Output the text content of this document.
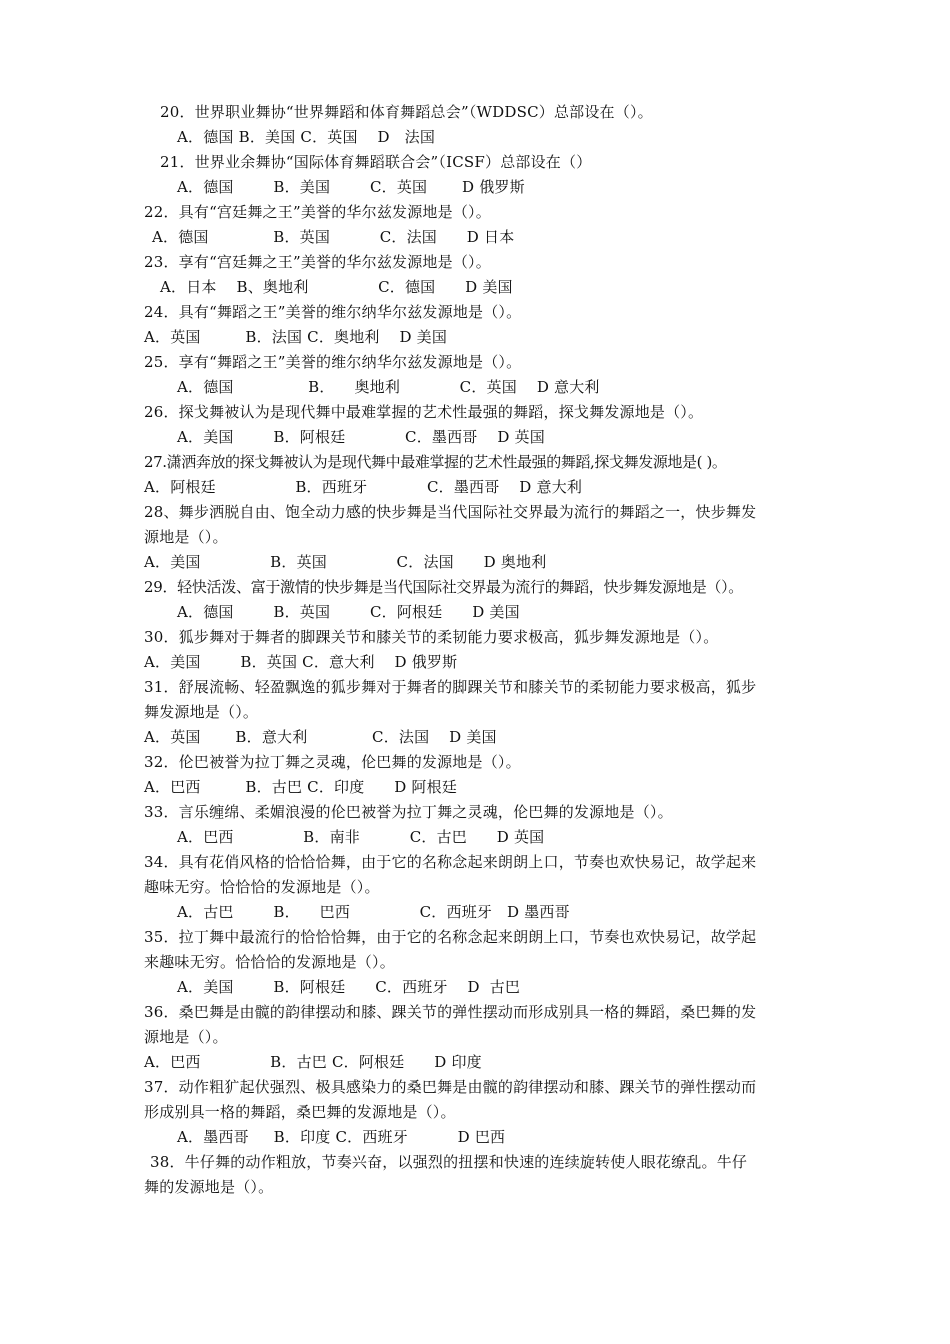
20．世界职业舞协“世界舞蹈和体育舞蹈总会”（WDDSC）总部设在（）。
A．德国 B．美国 C．英国    D   法国
21．世界业余舞协“国际体育舞蹈联合会”（ICSF）总部设在（）
A．德国        B．美国        C．英国       D 俄罗斯
22．具有“宫廷舞之王”美誉的华尔兹发源地是（）。
A．德国             B．英国          C．法国      D 日本
23．享有“宫廷舞之王”美誉的华尔兹发源地是（）。
A．日本    B、奥地利              C．德国      D 美国
24．具有“舞蹈之王”美誉的维尔纳华尔兹发源地是（）。
A．英国         B．法国 C．奥地利    D 美国
25．享有“舞蹈之王”美誉的维尔纳华尔兹发源地是（）。
A．德国               B．    奥地利            C．英国    D 意大利
26．探戈舞被认为是现代舞中最难掌握的艺术性最强的舞蹈，探戈舞发源地是（）。
A．美国        B．阿根廷            C．墨西哥    D 英国
27.潇洒奔放的探戈舞被认为是现代舞中最难掌握的艺术性最强的舞蹈,探戈舞发源地是( )。
A．阿根廷                B．西班牙            C．墨西哥    D 意大利
28、舞步洒脱自由、饱全动力感的快步舞是当代国际社交界最为流行的舞蹈之一，快步舞发
源地是（）。
A．美国              B．英国              C．法国      D 奥地利
29．轻快活泼、富于激情的快步舞是当代国际社交界最为流行的舞蹈，快步舞发源地是（）。
A．德国        B．英国        C．阿根廷      D 美国
30．狐步舞对于舞者的脚踝关节和膝关节的柔韧能力要求极高，狐步舞发源地是（）。
A．美国        B．英国 C．意大利    D 俄罗斯
31．舒展流畅、轻盈飘逸的狐步舞对于舞者的脚踝关节和膝关节的柔韧能力要求极高，狐步
舞发源地是（）。
A．英国       B．意大利             C．法国    D 美国
32．伦巴被誉为拉丁舞之灵魂，伦巴舞的发源地是（）。
A．巴西         B．古巴 C．印度      D 阿根廷
33．言乐缠绵、柔媚浪漫的伦巴被誉为拉丁舞之灵魂，伦巴舞的发源地是（）。
A．巴西              B．南非          C．古巴      D 英国
34．具有花俏风格的恰恰恰舞，由于它的名称念起来朗朗上口，节奏也欢快易记，故学起来
趣味无穷。恰恰恰的发源地是（）。
A．古巴        B．    巴西              C．西班牙   D 墨西哥
35．拉丁舞中最流行的恰恰恰舞，由于它的名称念起来朗朗上口，节奏也欢快易记，故学起
来趣味无穷。恰恰恰的发源地是（）。
A．美国        B．阿根廷      C．西班牙    D  古巴
36．桑巴舞是由髋的韵律摆动和膝、踝关节的弹性摆动而形成别具一格的舞蹈，桑巴舞的发
源地是（）。
A．巴西              B．古巴 C．阿根廷      D 印度
37．动作粗犷起伏强烈、极具感染力的桑巴舞是由髋的韵律摆动和膝、踝关节的弹性摆动而
形成别具一格的舞蹈，桑巴舞的发源地是（）。
A．墨西哥     B．印度 C．西班牙          D 巴西
38．牛仔舞的动作粗放，节奏兴奋，以强烈的扭摆和快速的连续旋转使人眼花缭乱。牛仔
舞的发源地是（）。
